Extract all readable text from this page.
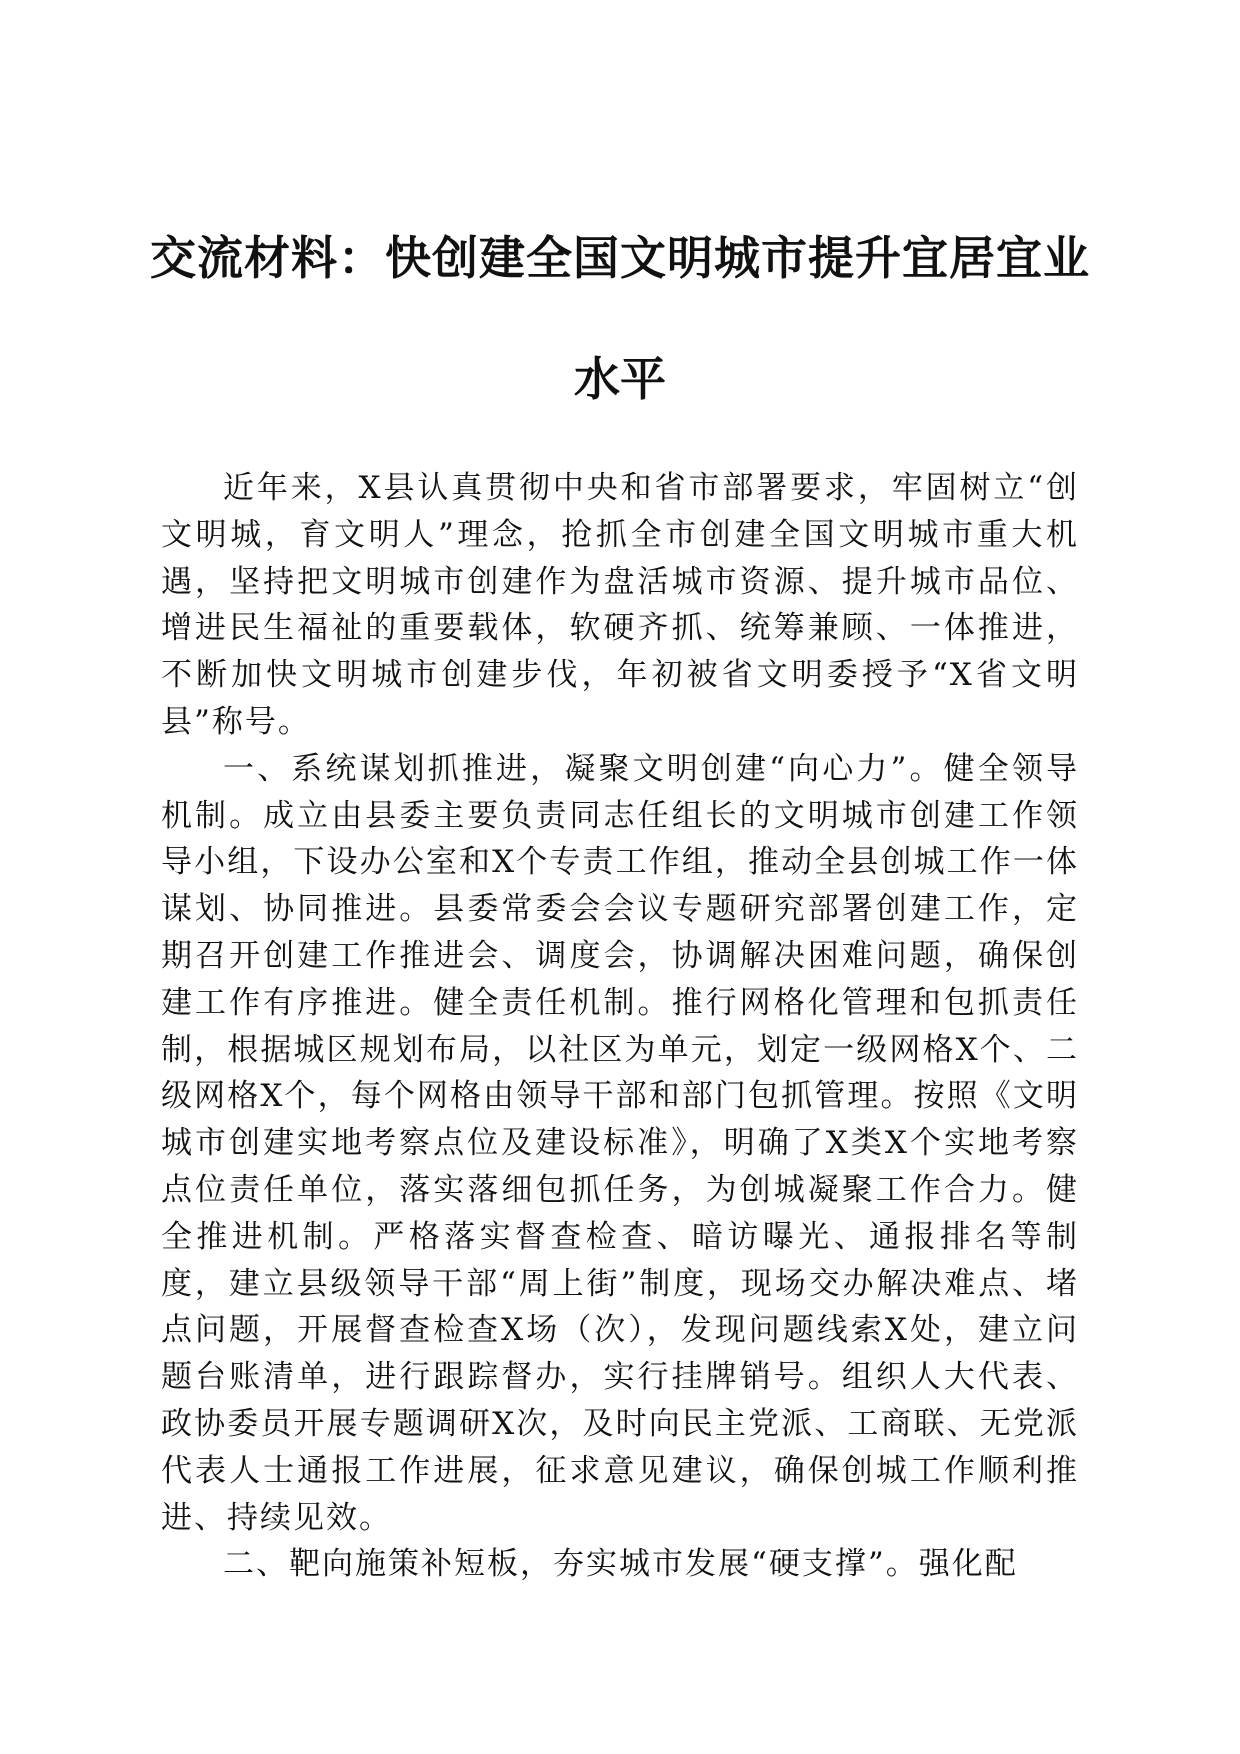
交流材料：快创建全国文明城市提升宜居宜业
水平

近年来，X县认真贯彻中央和省市部署要求，牢固树立“创文明城，育文明人”理念，抢抓全市创建全国文明城市重大机遇，坚持把文明城市创建作为盘活城市资源、提升城市品位、增进民生福祉的重要载体，软硬齐抓、统筹兼顾、一体推进，不断加快文明城市创建步伐，年初被省文明委授予“X省文明县”称号。

一、系统谋划抓推进，凝聚文明创建“向心力”。健全领导机制。成立由县委主要负责同志任组长的文明城市创建工作领导小组，下设办公室和X个专责工作组，推动全县创城工作一体谋划、协同推进。县委常委会会议专题研究部署创建工作，定期召开创建工作推进会、调度会，协调解决困难问题，确保创建工作有序推进。健全责任机制。推行网格化管理和包抓责任制，根据城区规划布局，以社区为单元，划定一级网格X个、二级网格X个，每个网格由领导干部和部门包抓管理。按照《文明城市创建实地考察点位及建设标准》，明确了X类X个实地考察点位责任单位，落实落细包抓任务，为创城凝聚工作合力。健全推进机制。严格落实督查检查、暗访曝光、通报排名等制度，建立县级领导干部“周上街”制度，现场交办解决难点、堵点问题，开展督查检查X场（次），发现问题线索X处，建立问题台账清单，进行跟踪督办，实行挂牌销号。组织人大代表、政协委员开展专题调研X次，及时向民主党派、工商联、无党派代表人士通报工作进展，征求意见建议，确保创城工作顺利推进、持续见效。

二、靶向施策补短板，夯实城市发展“硬支撑”。强化配
